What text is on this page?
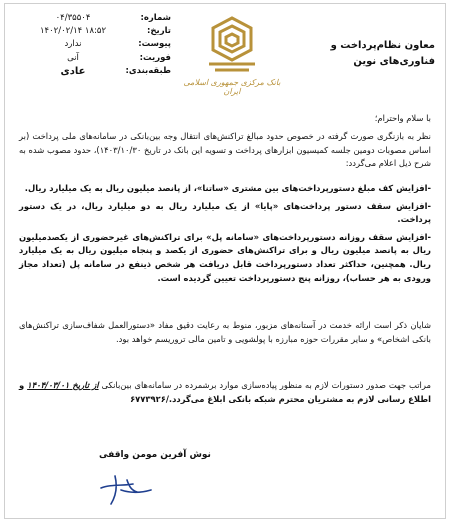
شماره:
۰۴/۳۵۵۰۴
تاریخ:
۱۴۰۲/۰۲/۱۴ ۱۸:۵۲
پیوست:
ندارد
فوریت:
آنی
طبقه‌بندی:
عادی
بانک مرکزی جمهوری اسلامی ایران
معاون نظام‌پرداخت و
فناوری‌های نوین
با سلام واحترام؛
نظر به بازنگری صورت گرفته در خصوص حدود مبالغ تراکنش‌های انتقال وجه بین‌بانکی در سامانه‌های ملی پرداخت (بر اساس مصوبات دومین جلسه کمیسیون ابزارهای پرداخت و تسویه این بانک در تاریخ ۱۴۰۳/۱۰/۳۰)، حدود مصوب شده به شرح ذیل اعلام می‌گردد:
-افزایش کف مبلغ دستورپرداخت‌های بین مشتری «ساتنا»، از پانصد میلیون ریال به یک میلیارد ریال.
-افزایش سقف دستور پرداخت‌های «پایا» از یک میلیارد ریال به دو میلیارد ریال، در یک دستور پرداخت.
-افزایش سقف روزانه دستورپرداخت‌های «سامانه پل» برای تراکنش‌های غیرحضوری از یکصدمیلیون ریال به پانصد میلیون ریال و برای تراکنش‌های حضوری از یکصد و پنجاه میلیون ریال به یک میلیارد ریال. همچنین، حداکثر تعداد دستورپرداخت قابل دریافت هر شخص ذینفع در سامانه پل (تعداد مجاز ورودی به هر حساب)، روزانه پنج دستورپرداخت تعیین گردیده است.
شایان ذکر است ارائه خدمت در آستانه‌های مزبور، منوط به رعایت دقیق مفاد «دستورالعمل شفاف‌سازی تراکنش‌های بانکی اشخاص» و سایر مقررات حوزه مبارزه با پولشویی و تامین مالی تروریسم خواهد بود.
مراتب جهت صدور دستورات لازم به منظور پیاده‌سازی موارد برشمرده در سامانه‌های بین‌بانکی از تاریخ ۱۴۰۴/۰۳/۰۱ و اطلاع رسانی لازم به مشتریان محترم شبکه بانکی ابلاغ می‌گردد./۶۷۷۳۹۲۶
نوش آفرین مومن واقفی
